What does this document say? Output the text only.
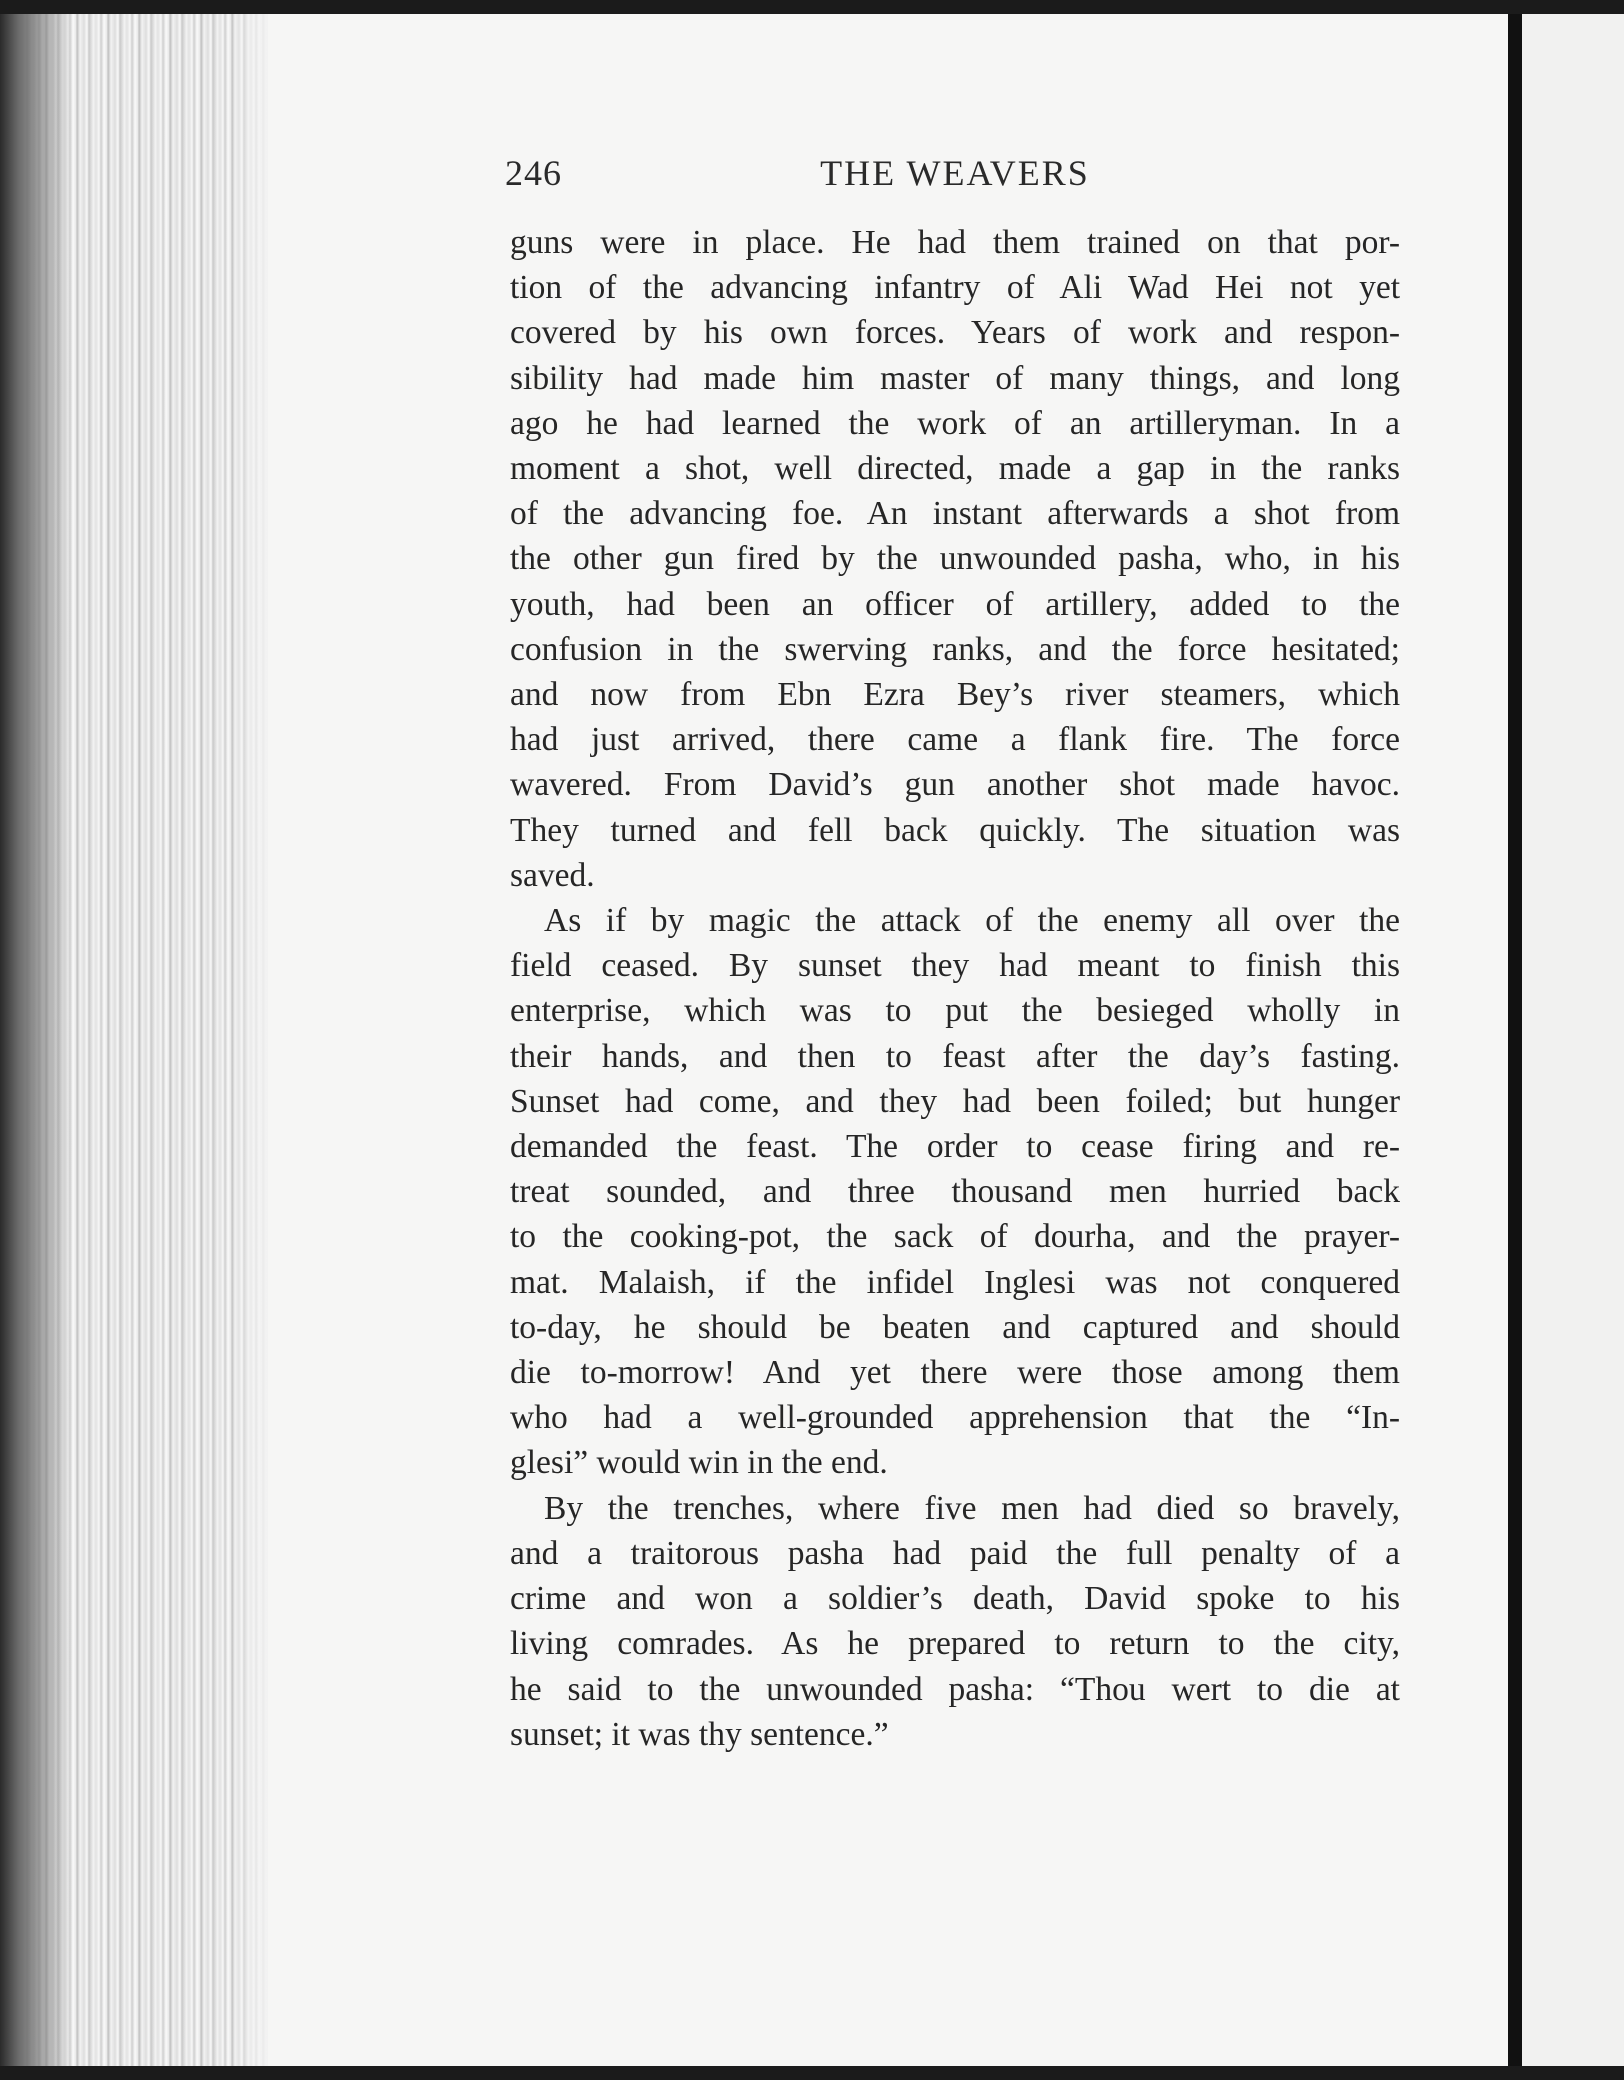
246	THE WEAVERS

guns were in place. He had them trained on that por-
tion of the advancing infantry of Ali Wad Hei not yet
covered by his own forces. Years of work and respon-
sibility had made him master of many things, and long
ago he had learned the work of an artilleryman. In a
moment a shot, well directed, made a gap in the ranks
of the advancing foe. An instant afterwards a shot from
the other gun fired by the unwounded pasha, who, in his
youth, had been an officer of artillery, added to the
confusion in the swerving ranks, and the force hesitated;
and now from Ebn Ezra Bey’s river steamers, which
had just arrived, there came a flank fire. The force
wavered. From David’s gun another shot made havoc.
They turned and fell back quickly. The situation was
saved.

As if by magic the attack of the enemy all over the
field ceased. By sunset they had meant to finish this
enterprise, which was to put the besieged wholly in
their hands, and then to feast after the day’s fasting.
Sunset had come, and they had been foiled; but hunger
demanded the feast. The order to cease firing and re-
treat sounded, and three thousand men hurried back
to the cooking-pot, the sack of dourha, and the prayer-
mat. Malaish, if the infidel Inglesi was not conquered
to-day, he should be beaten and captured and should
die to-morrow! And yet there were those among them
who had a well-grounded apprehension that the “In-
glesi” would win in the end.

By the trenches, where five men had died so bravely,
and a traitorous pasha had paid the full penalty of a
crime and won a soldier’s death, David spoke to his
living comrades. As he prepared to return to the city,
he said to the unwounded pasha: “Thou wert to die at
sunset; it was thy sentence.”
